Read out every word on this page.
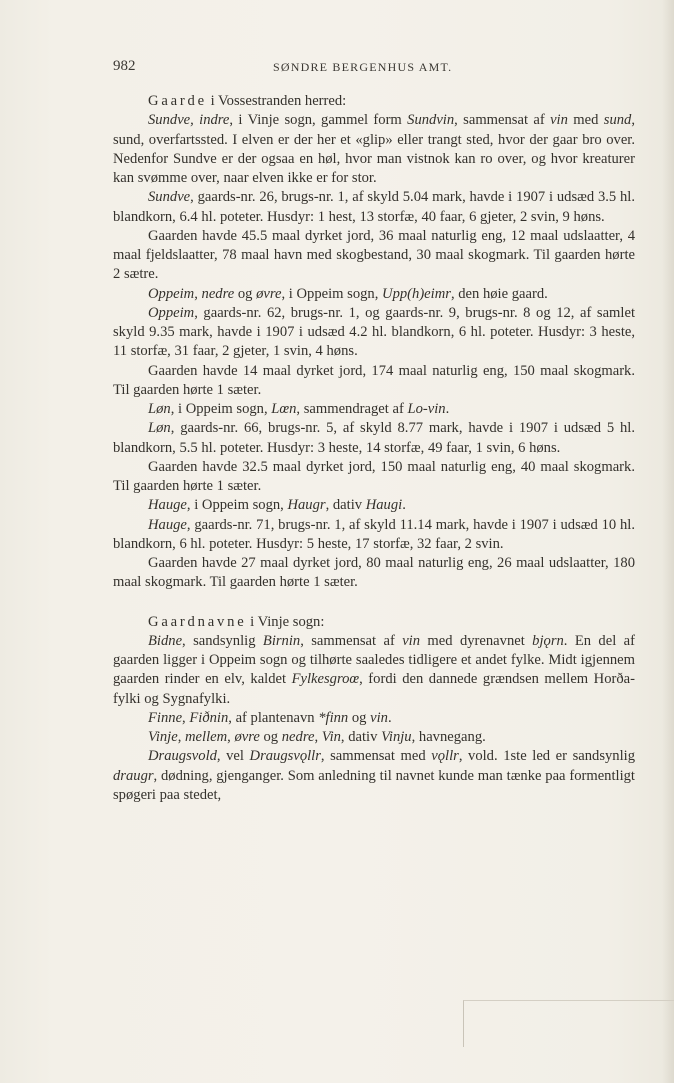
982	SØNDRE BERGENHUS AMT.

Gaarde i Vossestranden herred:

Sundve, indre, i Vinje sogn, gammel form Sundvin, sammensat af vin med sund, sund, overfartssted. I elven er der her et «glip» eller trangt sted, hvor der gaar bro over. Nedenfor Sundve er der ogsaa en høl, hvor man vistnok kan ro over, og hvor kreaturer kan svømme over, naar elven ikke er for stor.

Sundve, gaards-nr. 26, brugs-nr. 1, af skyld 5.04 mark, havde i 1907 i udsæd 3.5 hl. blandkorn, 6.4 hl. poteter. Husdyr: 1 hest, 13 storfæ, 40 faar, 6 gjeter, 2 svin, 9 høns.

Gaarden havde 45.5 maal dyrket jord, 36 maal naturlig eng, 12 maal udslaatter, 4 maal fjeldslaatter, 78 maal havn med skogbestand, 30 maal skogmark. Til gaarden hørte 2 sætre.

Oppeim, nedre og øvre, i Oppeim sogn, Upp(h)eimr, den høie gaard.

Oppeim, gaards-nr. 62, brugs-nr. 1, og gaards-nr. 9, brugs-nr. 8 og 12, af samlet skyld 9.35 mark, havde i 1907 i udsæd 4.2 hl. blandkorn, 6 hl. poteter. Husdyr: 3 heste, 11 storfæ, 31 faar, 2 gjeter, 1 svin, 4 høns.

Gaarden havde 14 maal dyrket jord, 174 maal naturlig eng, 150 maal skogmark. Til gaarden hørte 1 sæter.

Løn, i Oppeim sogn, Lœn, sammendraget af Lo-vin.

Løn, gaards-nr. 66, brugs-nr. 5, af skyld 8.77 mark, havde i 1907 i udsæd 5 hl. blandkorn, 5.5 hl. poteter. Husdyr: 3 heste, 14 storfæ, 49 faar, 1 svin, 6 høns.

Gaarden havde 32.5 maal dyrket jord, 150 maal naturlig eng, 40 maal skogmark. Til gaarden hørte 1 sæter.

Hauge, i Oppeim sogn, Haugr, dativ Haugi.

Hauge, gaards-nr. 71, brugs-nr. 1, af skyld 11.14 mark, havde i 1907 i udsæd 10 hl. blandkorn, 6 hl. poteter. Husdyr: 5 heste, 17 storfæ, 32 faar, 2 svin.

Gaarden havde 27 maal dyrket jord, 80 maal naturlig eng, 26 maal udslaatter, 180 maal skogmark. Til gaarden hørte 1 sæter.

Gaardnavne i Vinje sogn:

Bidne, sandsynlig Birnin, sammensat af vin med dyrenavnet bjǫrn. En del af gaarden ligger i Oppeim sogn og tilhørte saaledes tidligere et andet fylke. Midt igjennem gaarden rinder en elv, kaldet Fylkesgroœ, fordi den dannede grændsen mellem Horða-fylki og Sygnafylki.

Finne, Fiðnin, af plantenavn *finn og vin.

Vinje, mellem, øvre og nedre, Vin, dativ Vinju, havnegang.

Draugsvold, vel Draugsvǫllr, sammensat med vǫllr, vold. 1ste led er sandsynlig draugr, dødning, gjenganger. Som anledning til navnet kunde man tænke paa formentligt spøgeri paa stedet,
